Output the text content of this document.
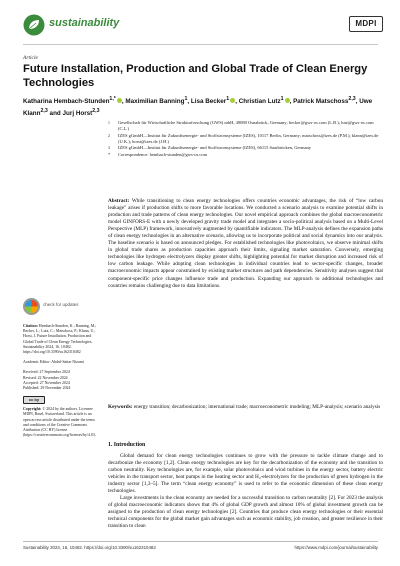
sustainability	MDPI
Article
Future Installation, Production and Global Trade of Clean Energy Technologies
Katharina Hembach-Stunden$^{1,*}$ , Maximilian Banning$^1$, Lisa Becker$^1$ , Christian Lutz$^1$ , Patrick Matschoss$^{2,3}$, Uwe Klann$^{2,3}$ and Jurj Horst$^{2,3}$
1 Gesellschaft für Wirtschaftliche Strukturforschung (GWS) mbH, 49080 Osnabrück, Germany; becker@gws-os.com (L.B.); lutz@gws-os.com (C.L.)
2 IZES gGmbH—Institut für Zukunftsenergie- und Stoffstromsysteme (IZES), 10117 Berlin, Germany; matschoss@izes.de (P.M.); klann@izes.de (U.K.); horst@izes.de (J.H.)
3 IZES gGmbH—Institut für Zukunftsenergie- und Stoffstromsysteme (IZES), 66115 Saarbrücken, Germany
* Correspondence: hembach-stunden@gws-os.com
Abstract: While transitioning to clean energy technologies offers countries economic advantages, the risk of “low carbon leakage” arises if production shifts to more favorable locations. We conducted a scenario analysis to examine potential shifts in production and trade patterns of clean energy technologies. Our novel empirical approach combines the global macroeconometric model GINFORS-E with a newly developed gravity trade model and integrates a socio-political analysis based on a Multi-Level Perspective (MLP) framework, innovatively augmented by quantifiable indicators. The MLP-analysis defines the expansion paths of clean energy technologies in an alternative scenario, allowing us to incorporate political and social dynamics into our analysis. The baseline scenario is based on announced pledges. For established technologies like photovoltaics, we observe minimal shifts in global trade shares as production capacities approach their limits, signaling market saturation. Conversely, emerging technologies like hydrogen electrolyzers display greater shifts, highlighting potential for market disruption and increased risk of low carbon leakage. While adopting clean technologies in individual countries lead to sector-specific changes, broader macroeconomic impacts appear constrained by existing market structures and path dependencies. Sensitivity analyses suggest that component-specific price changes influence trade and production. Expanding our approach to additional technologies and countries remains challenging due to data limitations.
Keywords: energy transition; decarbonization; international trade; macroeconometric modeling; MLP-analysis; scenario analysis
check for updates
Citation: Hembach-Stunden, K.; Banning, M.; Becker, L.; Lutz, C.; Matschoss, P.; Klann, U.; Horst, J. Future Installation, Production and Global Trade of Clean Energy Technologies. Sustainability 2024, 16, 10482. https://doi.org/10.3390/su162310482
Academic Editor: Abdul-Sattar Nizami
Received: 27 September 2024
Revised: 22 November 2024
Accepted: 27 November 2024
Published: 29 November 2024
cc by
Copyright: © 2024 by the authors. Licensee MDPI, Basel, Switzerland. This article is an open access article distributed under the terms and conditions of the Creative Commons Attribution (CC BY) license (https://creativecommons.org/licenses/by/4.0/).
1. Introduction

Global demand for clean energy technologies continues to grow with the pressure to tackle climate change and to decarbonize the economy [1,2]. Clean energy technologies are key for the decarbonization of the economy and the transition to carbon neutrality. Key technologies are, for example, solar photovoltaics and wind turbines in the energy sector, battery electric vehicles in the transport sector, heat pumps in the heating sector and H₂-electrolyzers for the production of green hydrogen in the industry sector [1,3–5]. The term “clean energy economy” is used to refer to the economic dimension of these clean energy technologies.

Large investments in the clean economy are needed for a successful transition to carbon neutrality [2]. For 2023 the analysis of global macroeconomic indicators shows that 4% of global GDP growth and almost 10% of global investment growth can be assigned to the production of clean energy technologies [2]. Countries that produce clean energy technologies or their essential technical components for the global market gain advantages such as economic stability, job creation, and greater resilience in their transition to clean

Sustainability 2024, 16, 10482. https://doi.org/10.3390/su162310482	https://www.mdpi.com/journal/sustainability
